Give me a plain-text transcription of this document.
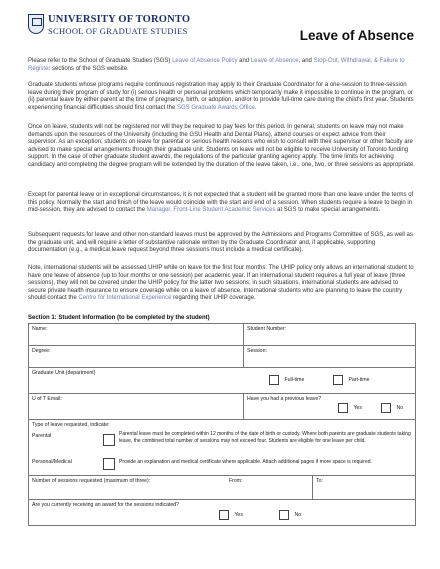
UNIVERSITY OF TORONTO
SCHOOL OF GRADUATE STUDIES	Leave of Absence

Please refer to the School of Graduate Studies (SGS) Leave of Absence Policy and Leave of Absence, and Stop-Out, Withdrawal, & Failure to Register sections of the SGS website.

Graduate students whose programs require continuous registration may apply to their Graduate Coordinator for a one-session to three-session leave during their program of study for (i) serious health or personal problems which temporarily make it impossible to continue in the program, or (ii) parental leave by either parent at the time of pregnancy, birth, or adoption, and/or to provide full-time care during the child's first year. Students experiencing financial difficulties should first contact the SGS Graduate Awards Office.

Once on leave, students will not be registered nor will they be required to pay fees for this period. In general, students on leave may not make demands upon the resources of the University (including the GSU Health and Dental Plans), attend courses or expect advice from their supervisor. As an exception, students on leave for parental or serious health reasons who wish to consult with their supervisor or other faculty are advised to make special arrangements through their graduate unit. Students on leave will not be eligible to receive University of Toronto funding support. In the case of other graduate student awards, the regulations of the particular granting agency apply. The time limits for achieving candidacy and completing the degree program will be extended by the duration of the leave taken, i.e., one, two, or three sessions as appropriate.

Except for parental leave or in exceptional circumstances, it is not expected that a student will be granted more than one leave under the terms of this policy. Normally the start and finish of the leave would coincide with the start and end of a session. When students require a leave to begin in mid-session, they are advised to contact the Manager, Front-Line Student Academic Services at SGS to make special arrangements.

Subsequent requests for leave and other non-standard leaves must be approved by the Admissions and Programs Committee of SGS, as well as the graduate unit, and will require a letter of substantive rationale written by the Graduate Coordinator and, if applicable, supporting documentation (e.g., a medical leave request beyond three sessions must include a medical certificate).

Note, international students will be assessed UHIP while on leave for the first four months. The UHIP policy only allows an international student to have one leave of absence (up to four months or one session) per academic year. If an international student requires a full year of leave (three sessions), they will not be covered under the UHIP policy for the latter two sessions; in such situations, international students are advised to secure private health insurance to ensure coverage while on a leave of absence. International students who are planning to leave the country should contact the Centre for International Experience regarding their UHIP coverage.

Section 1: Student Information (to be completed by the student)
Name:	Student Number:
Degree:	Session:
Graduate Unit (department)
Full-time Part-time	

U of T Email:	Have you had a previous leave?
Yes No

Type of leave requested, indicate:
Parental Parental leave must be completed within 12 months of the date of birth or custody. Where both parents are graduate students taking leave, the combined total number of sessions may not exceed four. Students are eligible for one leave per child.
Personal/Medical Provide an explanation and medical certificate where applicable. Attach additional pages if more space is required.	

Number of sessions requested (maximum of three): From: To:	

Are you currently receiving an award for the sessions indicated?
Yes No	
